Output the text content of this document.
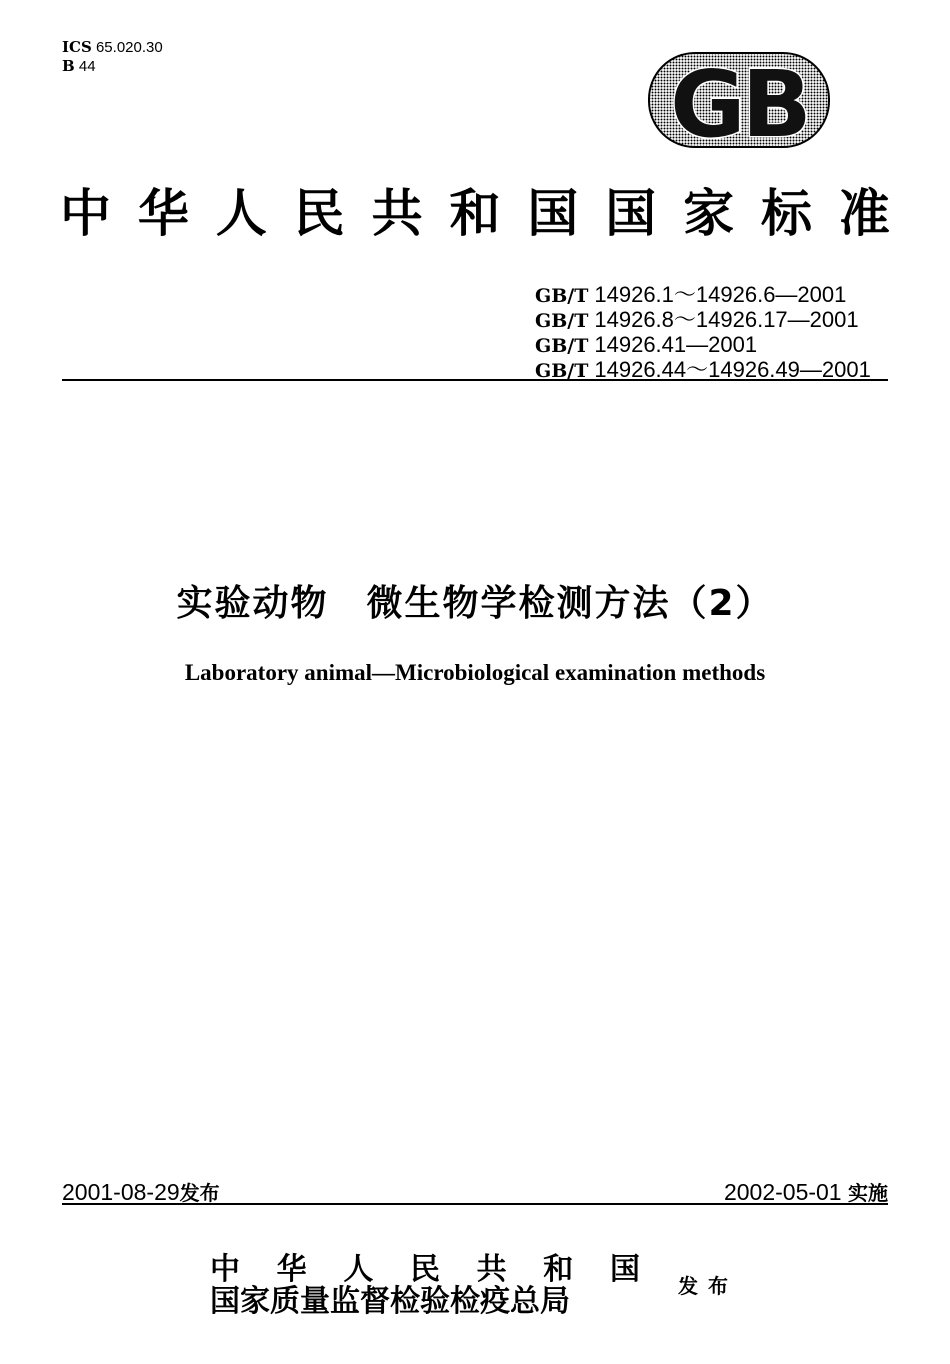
ICS 65.020.30
B 44	GB
中 华 人 民 共 和 国 国 家 标 准
GB/T 14926.1～14926.6—2001
GB/T 14926.8～14926.17—2001
GB/T 14926.41—2001
GB/T 14926.44～14926.49—2001
实验动物　微生物学检测方法（2）
Laboratory animal—Microbiological examination methods
2001-08-29发布	2002-05-01 实施
中 华 人 民 共 和 国
国家质量监督检验检疫总局	发布
